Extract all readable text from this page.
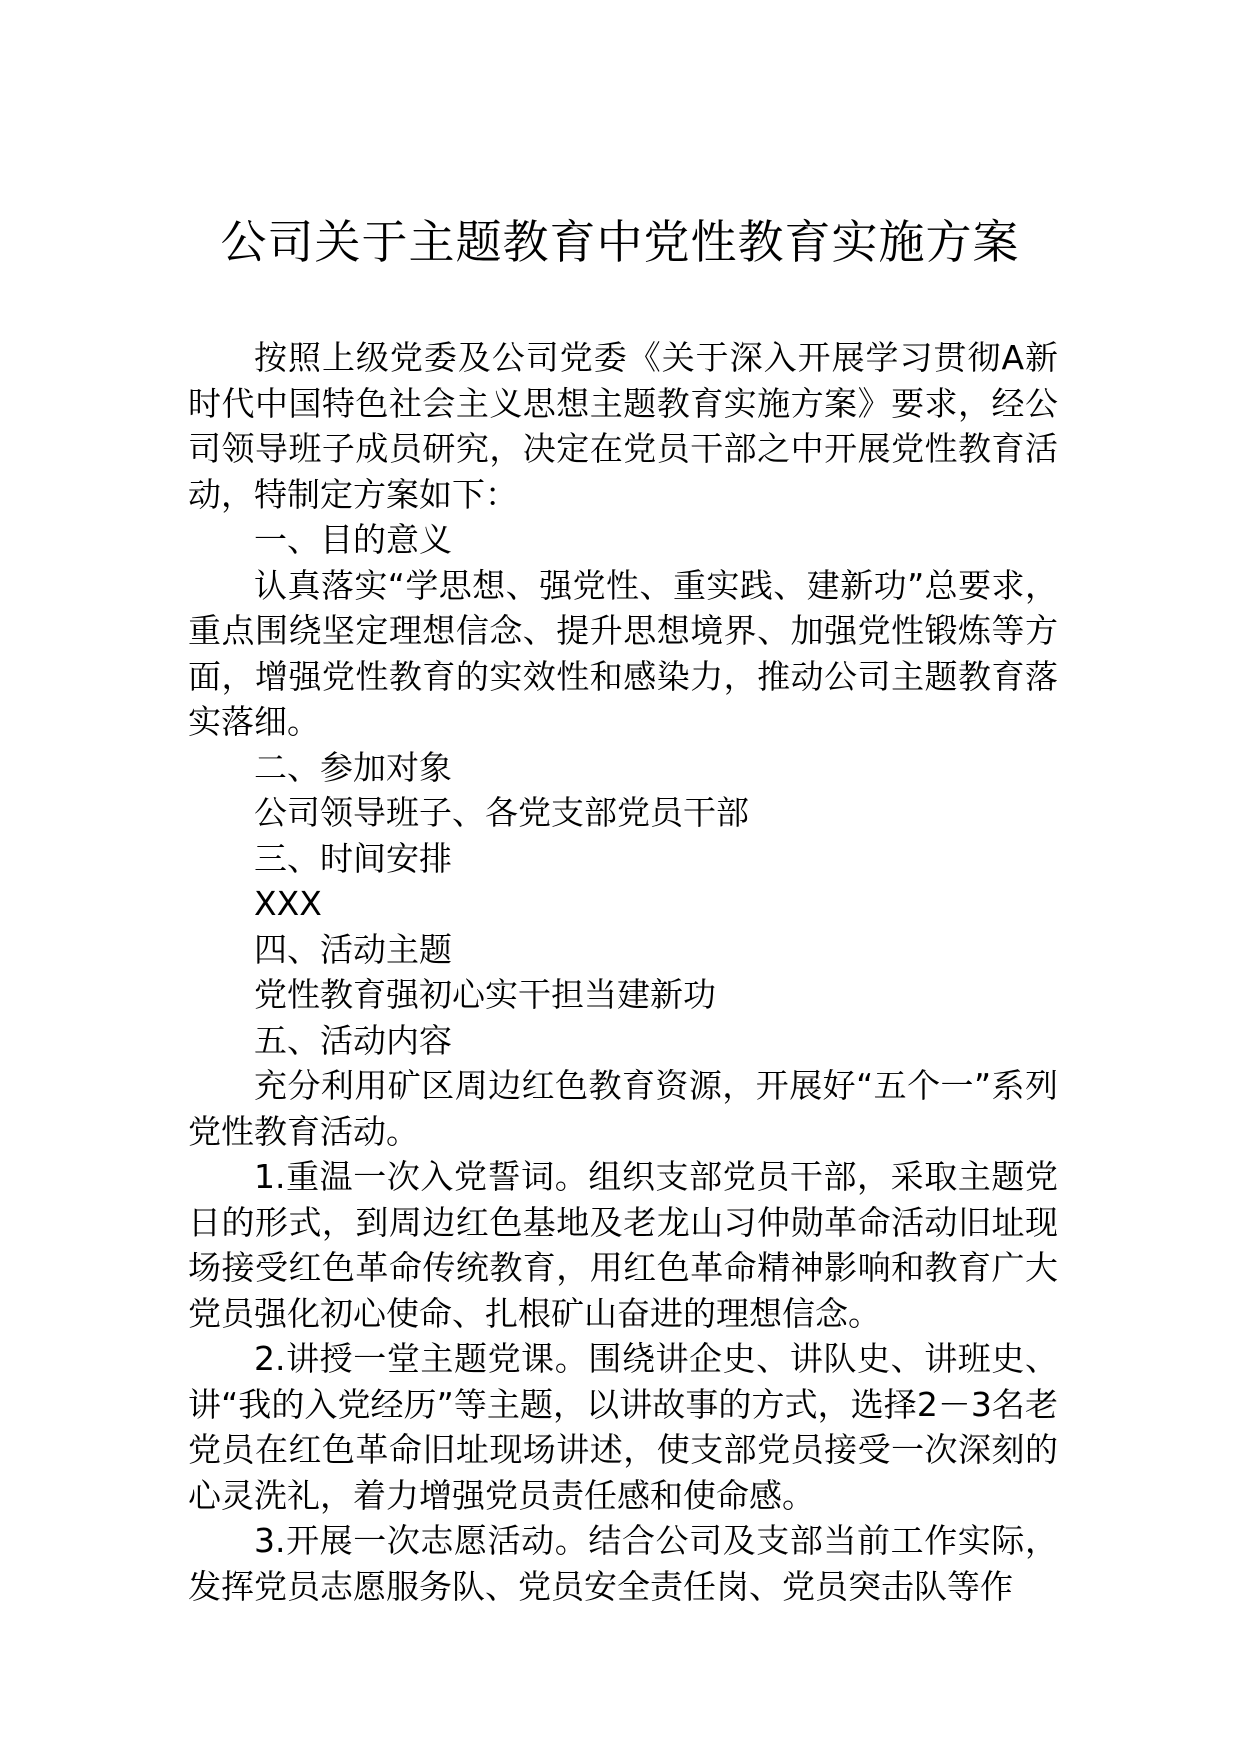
公司关于主题教育中党性教育实施方案

按照上级党委及公司党委《关于深入开展学习贯彻A新时代中国特色社会主义思想主题教育实施方案》要求，经公司领导班子成员研究，决定在党员干部之中开展党性教育活动，特制定方案如下：

一、目的意义

认真落实“学思想、强党性、重实践、建新功”总要求，重点围绕坚定理想信念、提升思想境界、加强党性锻炼等方面，增强党性教育的实效性和感染力，推动公司主题教育落实落细。

二、参加对象

公司领导班子、各党支部党员干部

三、时间安排

XXX

四、活动主题

党性教育强初心实干担当建新功

五、活动内容

充分利用矿区周边红色教育资源，开展好“五个一”系列党性教育活动。

1.重温一次入党誓词。组织支部党员干部，采取主题党日的形式，到周边红色基地及老龙山习仲勋革命活动旧址现场接受红色革命传统教育，用红色革命精神影响和教育广大党员强化初心使命、扎根矿山奋进的理想信念。

2.讲授一堂主题党课。围绕讲企史、讲队史、讲班史、讲“我的入党经历”等主题，以讲故事的方式，选择2－3名老党员在红色革命旧址现场讲述，使支部党员接受一次深刻的心灵洗礼，着力增强党员责任感和使命感。

3.开展一次志愿活动。结合公司及支部当前工作实际，发挥党员志愿服务队、党员安全责任岗、党员突击队等作
